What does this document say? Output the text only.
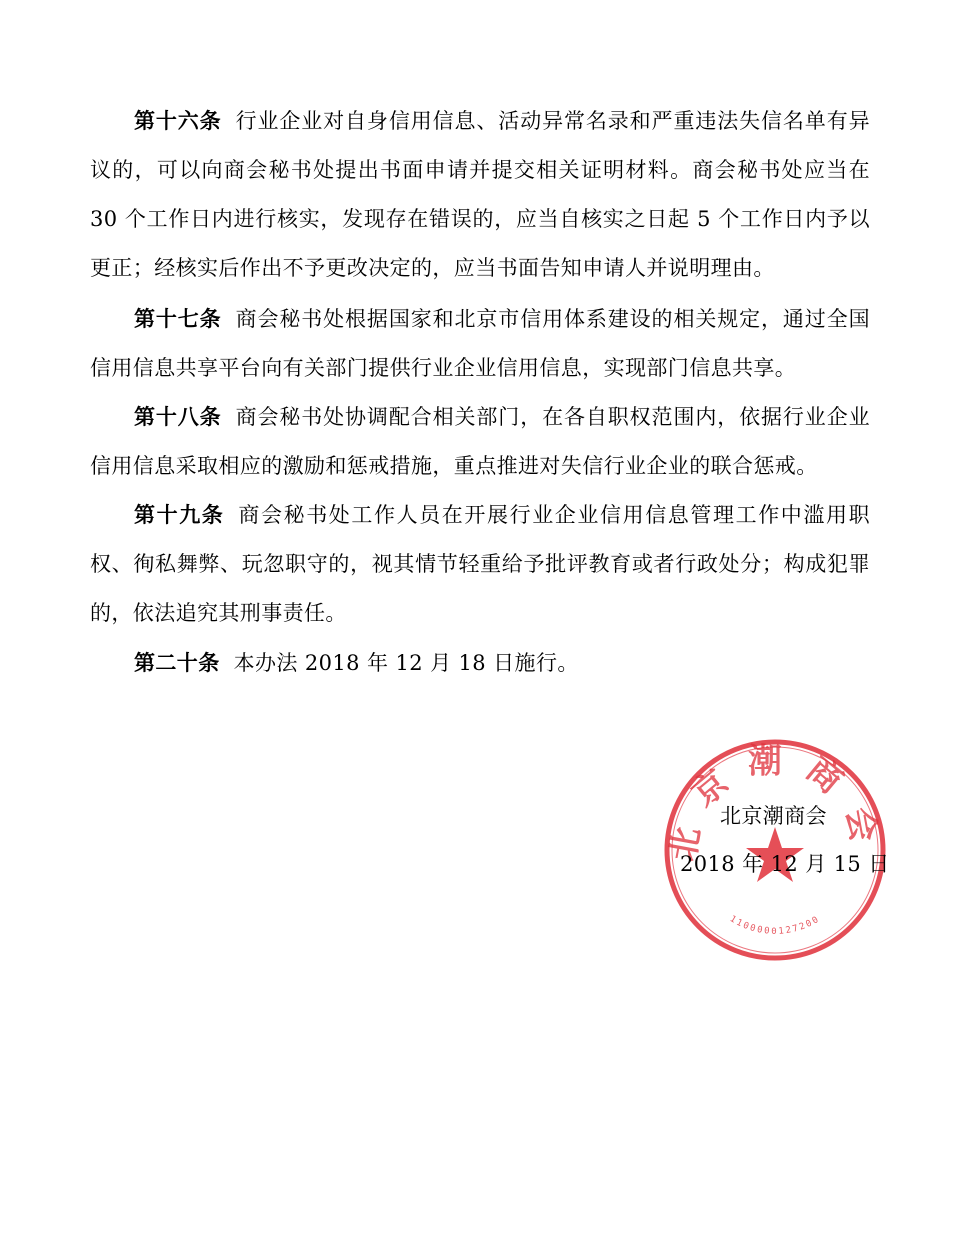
第十六条 行业企业对自身信用信息、活动异常名录和严重违法失信名单有异议的，可以向商会秘书处提出书面申请并提交相关证明材料。商会秘书处应当在 30 个工作日内进行核实，发现存在错误的，应当自核实之日起 5 个工作日内予以更正；经核实后作出不予更改决定的，应当书面告知申请人并说明理由。

第十七条 商会秘书处根据国家和北京市信用体系建设的相关规定，通过全国信用信息共享平台向有关部门提供行业企业信用信息，实现部门信息共享。

第十八条 商会秘书处协调配合相关部门，在各自职权范围内，依据行业企业信用信息采取相应的激励和惩戒措施，重点推进对失信行业企业的联合惩戒。

第十九条 商会秘书处工作人员在开展行业企业信用信息管理工作中滥用职权、徇私舞弊、玩忽职守的，视其情节轻重给予批评教育或者行政处分；构成犯罪的，依法追究其刑事责任。

第二十条 本办法 2018 年 12 月 18 日施行。

北京潮商会
1100000127200
北京潮商会
2018 年 12 月 15 日
